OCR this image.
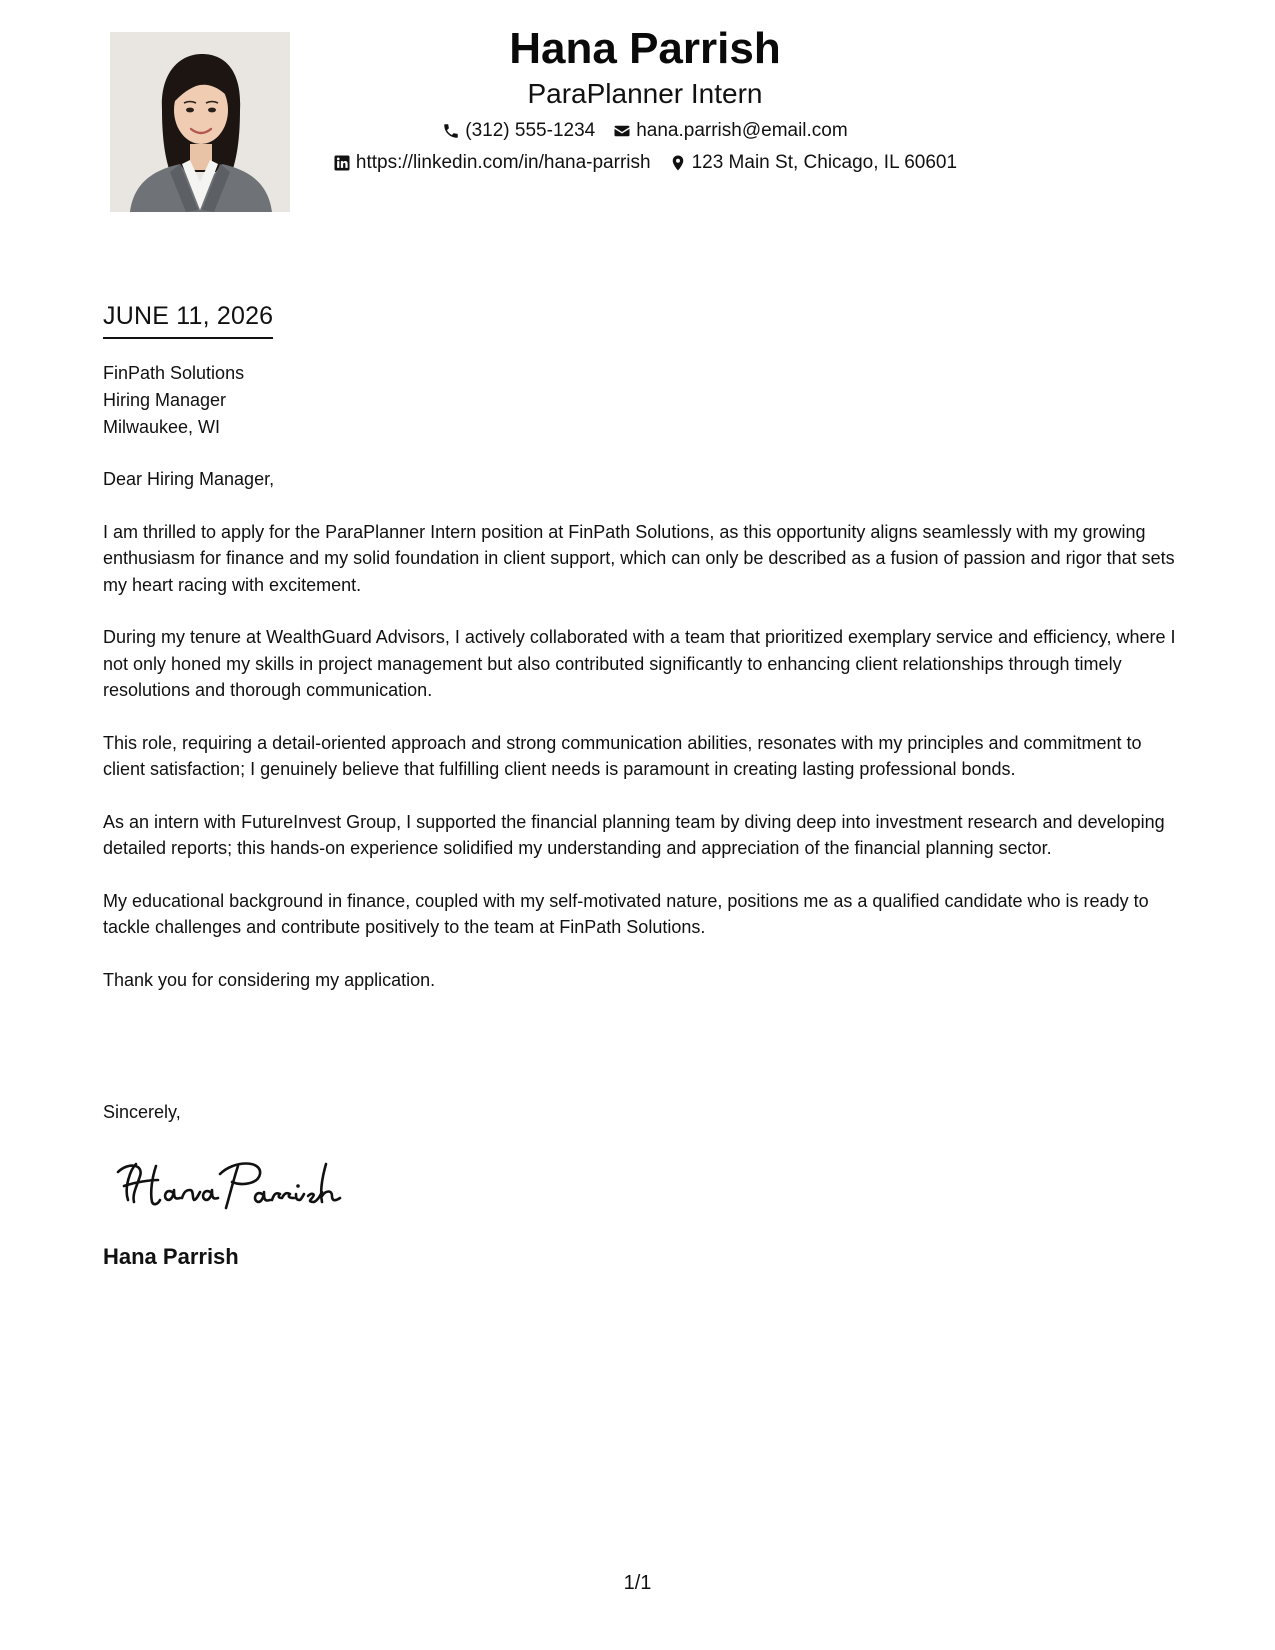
Hana Parrish
ParaPlanner Intern
(312) 555-1234 hana.parrish@email.com
https://linkedin.com/in/hana-parrish 123 Main St, Chicago, IL 60601
JUNE 11, 2026
FinPath Solutions
Hiring Manager
Milwaukee, WI

Dear Hiring Manager,

I am thrilled to apply for the ParaPlanner Intern position at FinPath Solutions, as this opportunity aligns seamlessly with my growing enthusiasm for finance and my solid foundation in client support, which can only be described as a fusion of passion and rigor that sets my heart racing with excitement.

During my tenure at WealthGuard Advisors, I actively collaborated with a team that prioritized exemplary service and efficiency, where I not only honed my skills in project management but also contributed significantly to enhancing client relationships through timely resolutions and thorough communication.

This role, requiring a detail-oriented approach and strong communication abilities, resonates with my principles and commitment to client satisfaction; I genuinely believe that fulfilling client needs is paramount in creating lasting professional bonds.

As an intern with FutureInvest Group, I supported the financial planning team by diving deep into investment research and developing detailed reports; this hands-on experience solidified my understanding and appreciation of the financial planning sector.

My educational background in finance, coupled with my self-motivated nature, positions me as a qualified candidate who is ready to tackle challenges and contribute positively to the team at FinPath Solutions.

Thank you for considering my application.

Sincerely,
Hana Parrish
1/1
